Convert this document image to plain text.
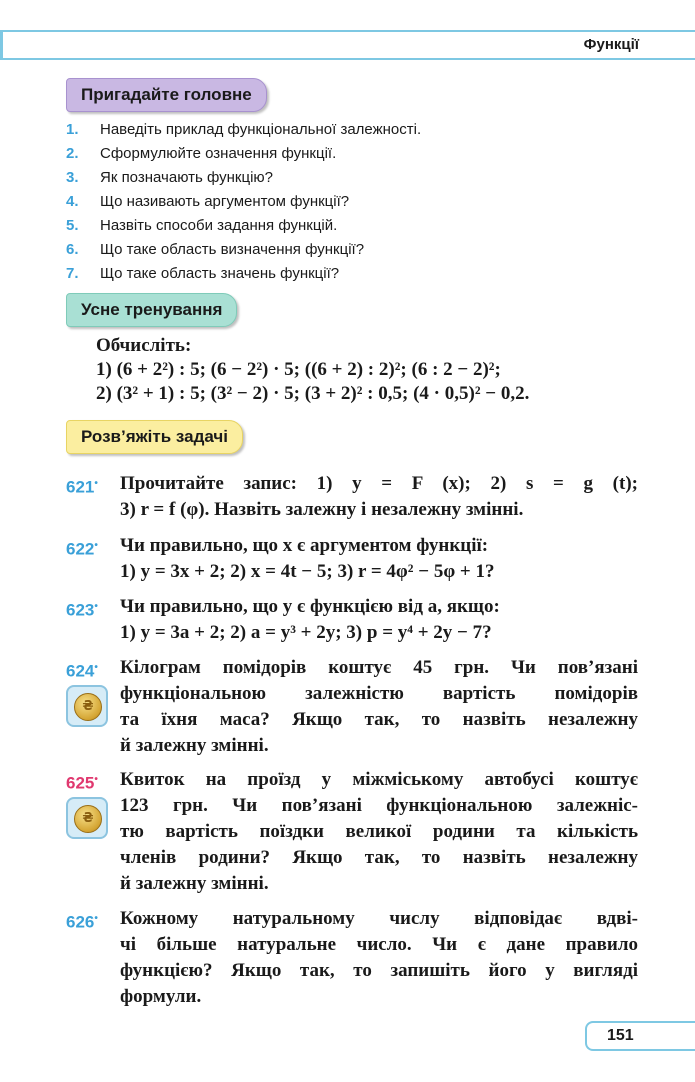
Функції
Пригадайте головне
1.	Наведіть приклад функціональної залежності.
2.	Сформулюйте означення функції.
3.	Як позначають функцію?
4.	Що називають аргументом функції?
5.	Назвіть способи задання функцій.
6.	Що таке область визначення функції?
7.	Що таке область значень функції?
Усне тренування
Обчисліть:
1) (6 + 2²) : 5; (6 − 2²) · 5; ((6 + 2) : 2)²; (6 : 2 − 2)²;
2) (3² + 1) : 5; (3² − 2) · 5; (3 + 2)² : 0,5; (4 · 0,5)² − 0,2.
Розв’яжіть задачі
621• Прочитайте запис: 1) y = F (x); 2) s = g (t);
3) r = f (φ). Назвіть залежну і незалежну змінні.
622• Чи правильно, що x є аргументом функції:
1) y = 3x + 2; 2) x = 4t − 5; 3) r = 4φ² − 5φ + 1?
623• Чи правильно, що y є функцією від a, якщо:
1) y = 3a + 2; 2) a = y³ + 2y; 3) p = y⁴ + 2y − 7?
624• Кілограм помідорів коштує 45 грн. Чи пов’язані
функціональною залежністю вартість помідорів
та їхня маса? Якщо так, то назвіть незалежну
й залежну змінні.
₴
625• Квиток на проїзд у міжміському автобусі коштує
123 грн. Чи пов’язані функціональною залежніс-
тю вартість поїздки великої родини та кількість
членів родини? Якщо так, то назвіть незалежну
й залежну змінні.
₴
626• Кожному натуральному числу відповідає вдві-
чі більше натуральне число. Чи є дане правило
функцією? Якщо так, то запишіть його у вигляді
формули.
151
